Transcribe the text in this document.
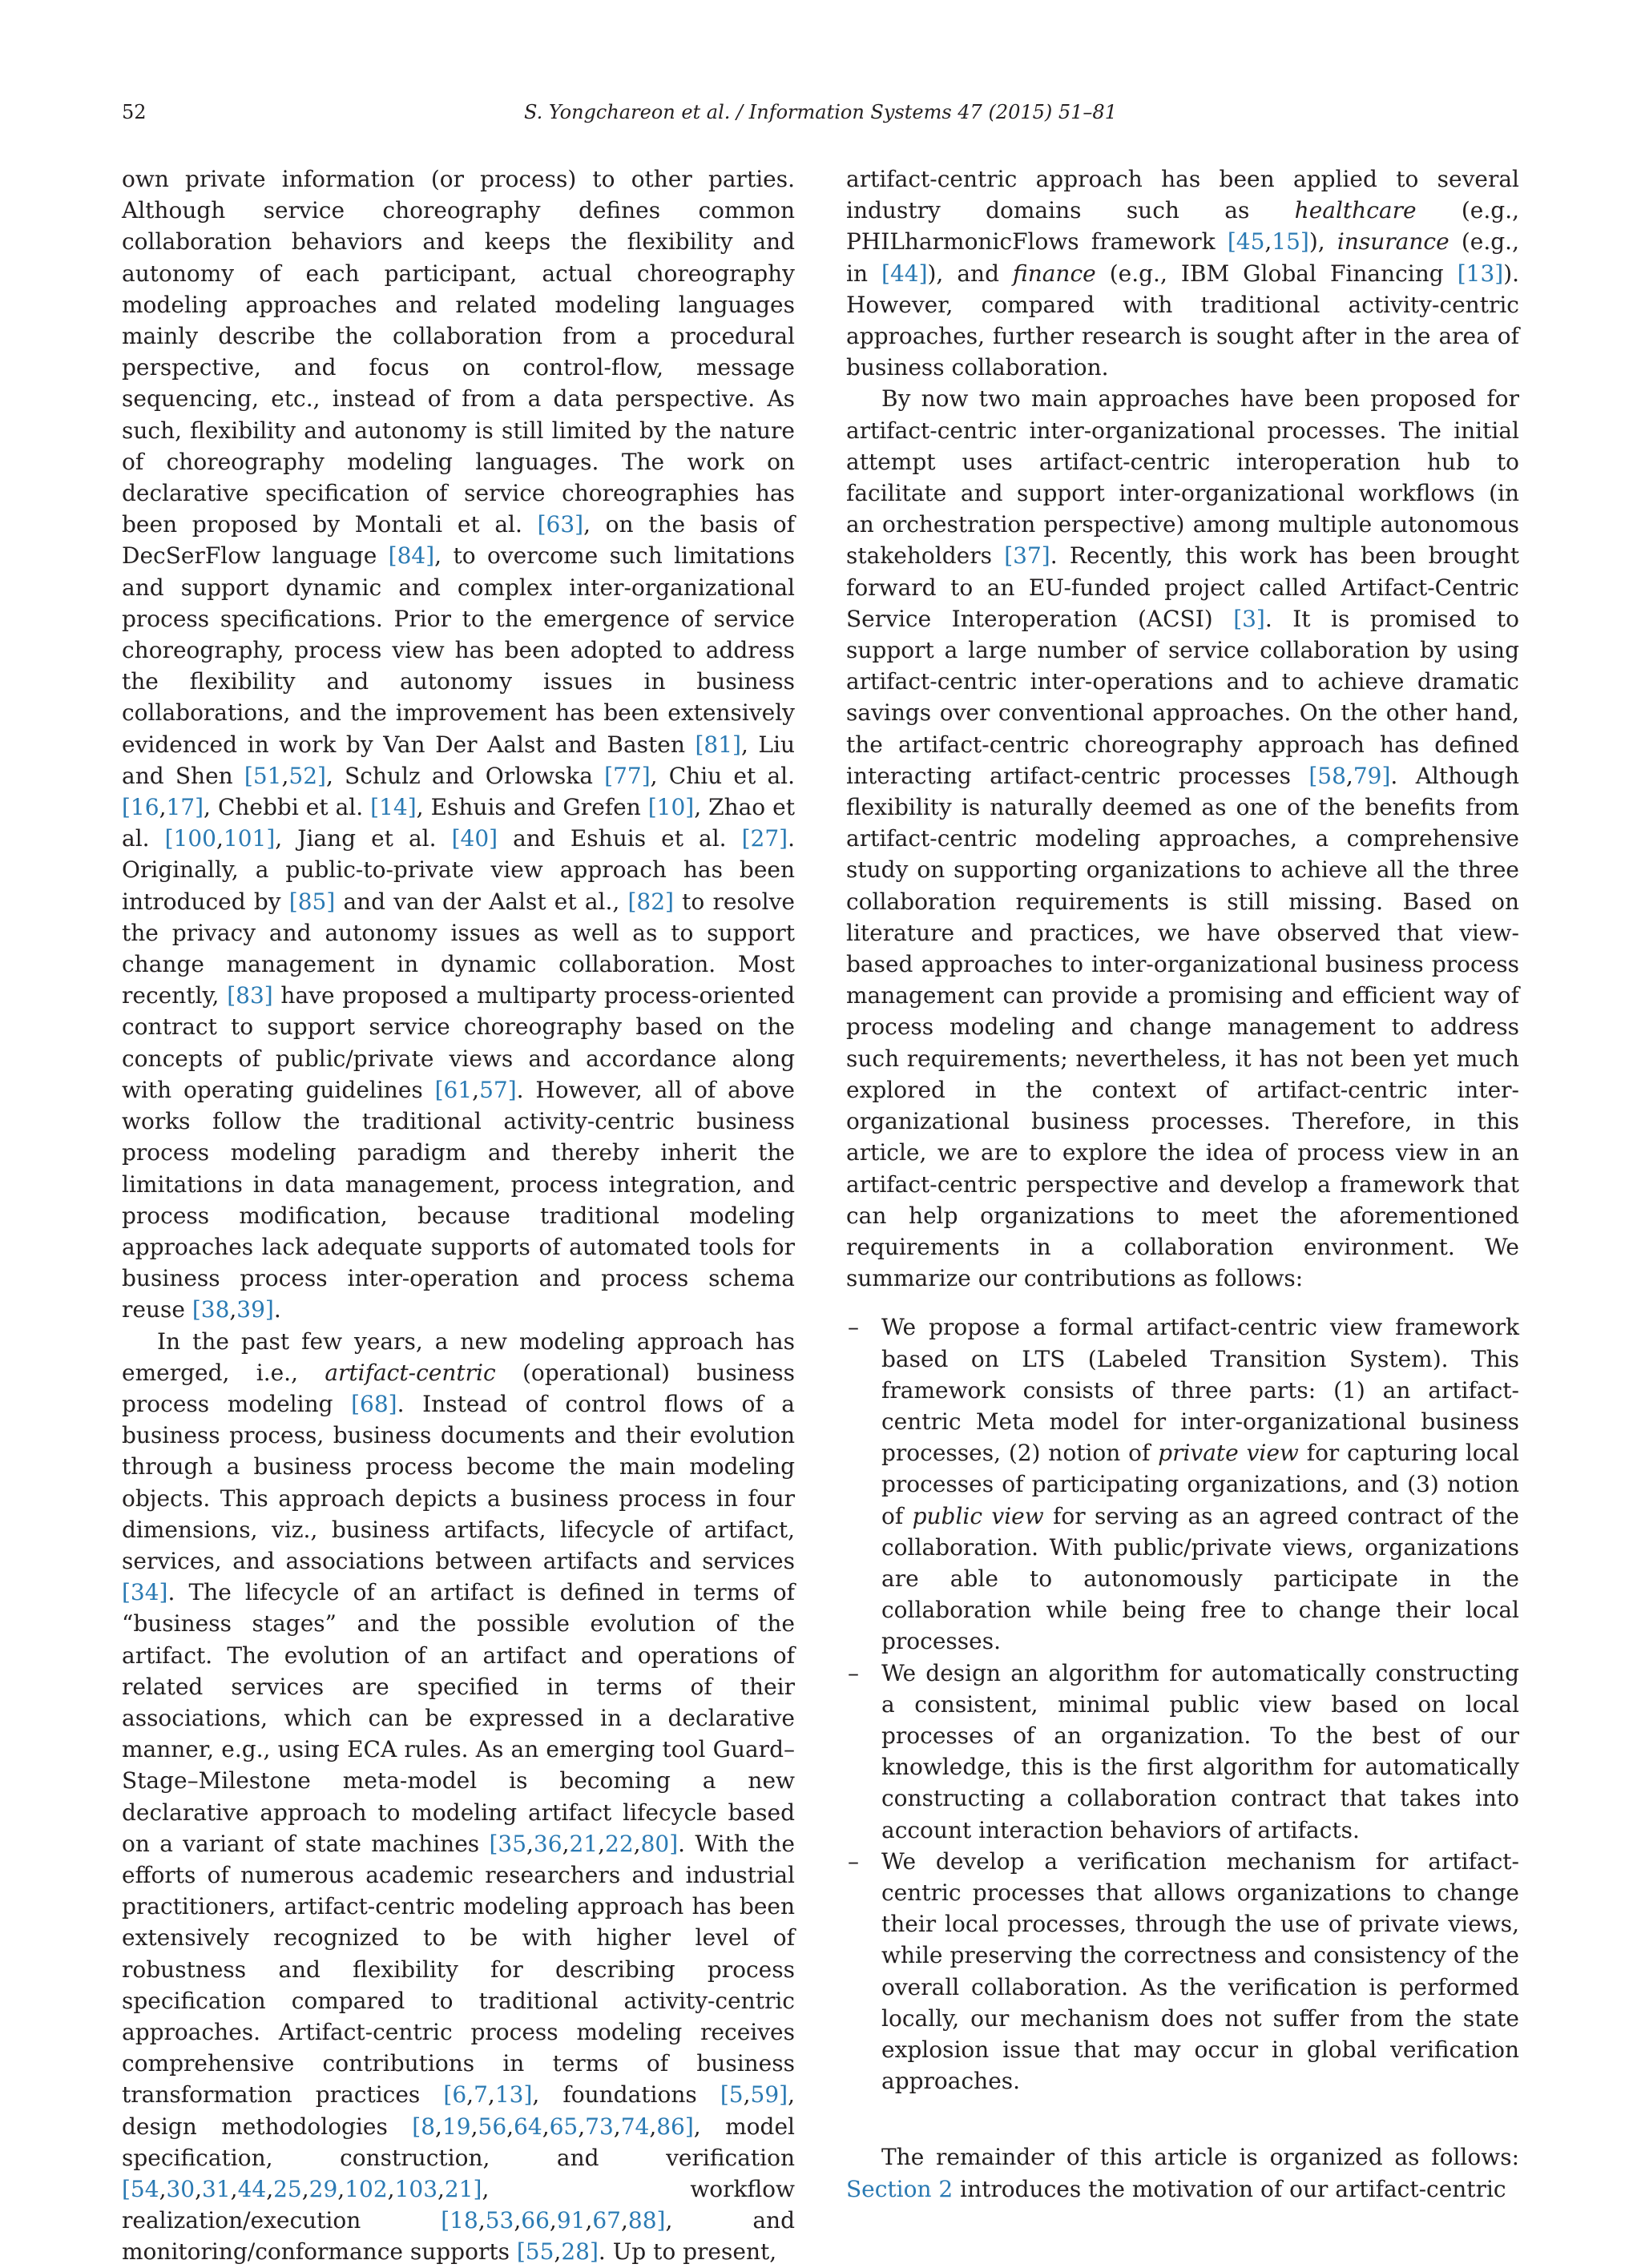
52	S. Yongchareon et al. / Information Systems 47 (2015) 51–81

own private information (or process) to other parties. Although service choreography defines common collaboration behaviors and keeps the flexibility and autonomy of each participant, actual choreography modeling approaches and related modeling languages mainly describe the collaboration from a procedural perspective, and focus on control-flow, message sequencing, etc., instead of from a data perspective. As such, flexibility and autonomy is still limited by the nature of choreography modeling languages. The work on declarative specification of service choreographies has been proposed by Montali et al. [63], on the basis of DecSerFlow language [84], to overcome such limitations and support dynamic and complex inter-organizational process specifications. Prior to the emergence of service choreography, process view has been adopted to address the flexibility and autonomy issues in business collaborations, and the improvement has been extensively evidenced in work by Van Der Aalst and Basten [81], Liu and Shen [51,52], Schulz and Orlowska [77], Chiu et al. [16,17], Chebbi et al. [14], Eshuis and Grefen [10], Zhao et al. [100,101], Jiang et al. [40] and Eshuis et al. [27]. Originally, a public-to-private view approach has been introduced by [85] and van der Aalst et al., [82] to resolve the privacy and autonomy issues as well as to support change management in dynamic collaboration. Most recently, [83] have proposed a multiparty process-oriented contract to support service choreography based on the concepts of public/private views and accordance along with operating guidelines [61,57]. However, all of above works follow the traditional activity-centric business process modeling paradigm and thereby inherit the limitations in data management, process integration, and process modification, because traditional modeling approaches lack adequate supports of automated tools for business process inter-operation and process schema reuse [38,39].

In the past few years, a new modeling approach has emerged, i.e., artifact-centric (operational) business process modeling [68]. Instead of control flows of a business process, business documents and their evolution through a business process become the main modeling objects. This approach depicts a business process in four dimensions, viz., business artifacts, lifecycle of artifact, services, and associations between artifacts and services [34]. The lifecycle of an artifact is defined in terms of “business stages” and the possible evolution of the artifact. The evolution of an artifact and operations of related services are specified in terms of their associations, which can be expressed in a declarative manner, e.g., using ECA rules. As an emerging tool Guard–Stage–Milestone meta-model is becoming a new declarative approach to modeling artifact lifecycle based on a variant of state machines [35,36,21,22,80]. With the efforts of numerous academic researchers and industrial practitioners, artifact-centric modeling approach has been extensively recognized to be with higher level of robustness and flexibility for describing process specification compared to traditional activity-centric approaches. Artifact-centric process modeling receives comprehensive contributions in terms of business transformation practices [6,7,13], foundations [5,59], design methodologies [8,19,56,64,65,73,74,86], model specification, construction, and verification [54,30,31,44,25,29,102,103,21], workflow realization/execution [18,53,66,91,67,88], and monitoring/conformance supports [55,28]. Up to present,

artifact-centric approach has been applied to several industry domains such as healthcare (e.g., PHILharmonicFlows framework [45,15]), insurance (e.g., in [44]), and finance (e.g., IBM Global Financing [13]). However, compared with traditional activity-centric approaches, further research is sought after in the area of business collaboration.

By now two main approaches have been proposed for artifact-centric inter-organizational processes. The initial attempt uses artifact-centric interoperation hub to facilitate and support inter-organizational workflows (in an orchestration perspective) among multiple autonomous stakeholders [37]. Recently, this work has been brought forward to an EU-funded project called Artifact-Centric Service Interoperation (ACSI) [3]. It is promised to support a large number of service collaboration by using artifact-centric inter-operations and to achieve dramatic savings over conventional approaches. On the other hand, the artifact-centric choreography approach has defined interacting artifact-centric processes [58,79]. Although flexibility is naturally deemed as one of the benefits from artifact-centric modeling approaches, a comprehensive study on supporting organizations to achieve all the three collaboration requirements is still missing. Based on literature and practices, we have observed that view-based approaches to inter-organizational business process management can provide a promising and efficient way of process modeling and change management to address such requirements; nevertheless, it has not been yet much explored in the context of artifact-centric inter-organizational business processes. Therefore, in this article, we are to explore the idea of process view in an artifact-centric perspective and develop a framework that can help organizations to meet the aforementioned requirements in a collaboration environment. We summarize our contributions as follows:

– We propose a formal artifact-centric view framework based on LTS (Labeled Transition System). This framework consists of three parts: (1) an artifact-centric Meta model for inter-organizational business processes, (2) notion of private view for capturing local processes of participating organizations, and (3) notion of public view for serving as an agreed contract of the collaboration. With public/private views, organizations are able to autonomously participate in the collaboration while being free to change their local processes.
– We design an algorithm for automatically constructing a consistent, minimal public view based on local processes of an organization. To the best of our knowledge, this is the first algorithm for automatically constructing a collaboration contract that takes into account interaction behaviors of artifacts.
– We develop a verification mechanism for artifact-centric processes that allows organizations to change their local processes, through the use of private views, while preserving the correctness and consistency of the overall collaboration. As the verification is performed locally, our mechanism does not suffer from the state explosion issue that may occur in global verification approaches.

The remainder of this article is organized as follows: Section 2 introduces the motivation of our artifact-centric
